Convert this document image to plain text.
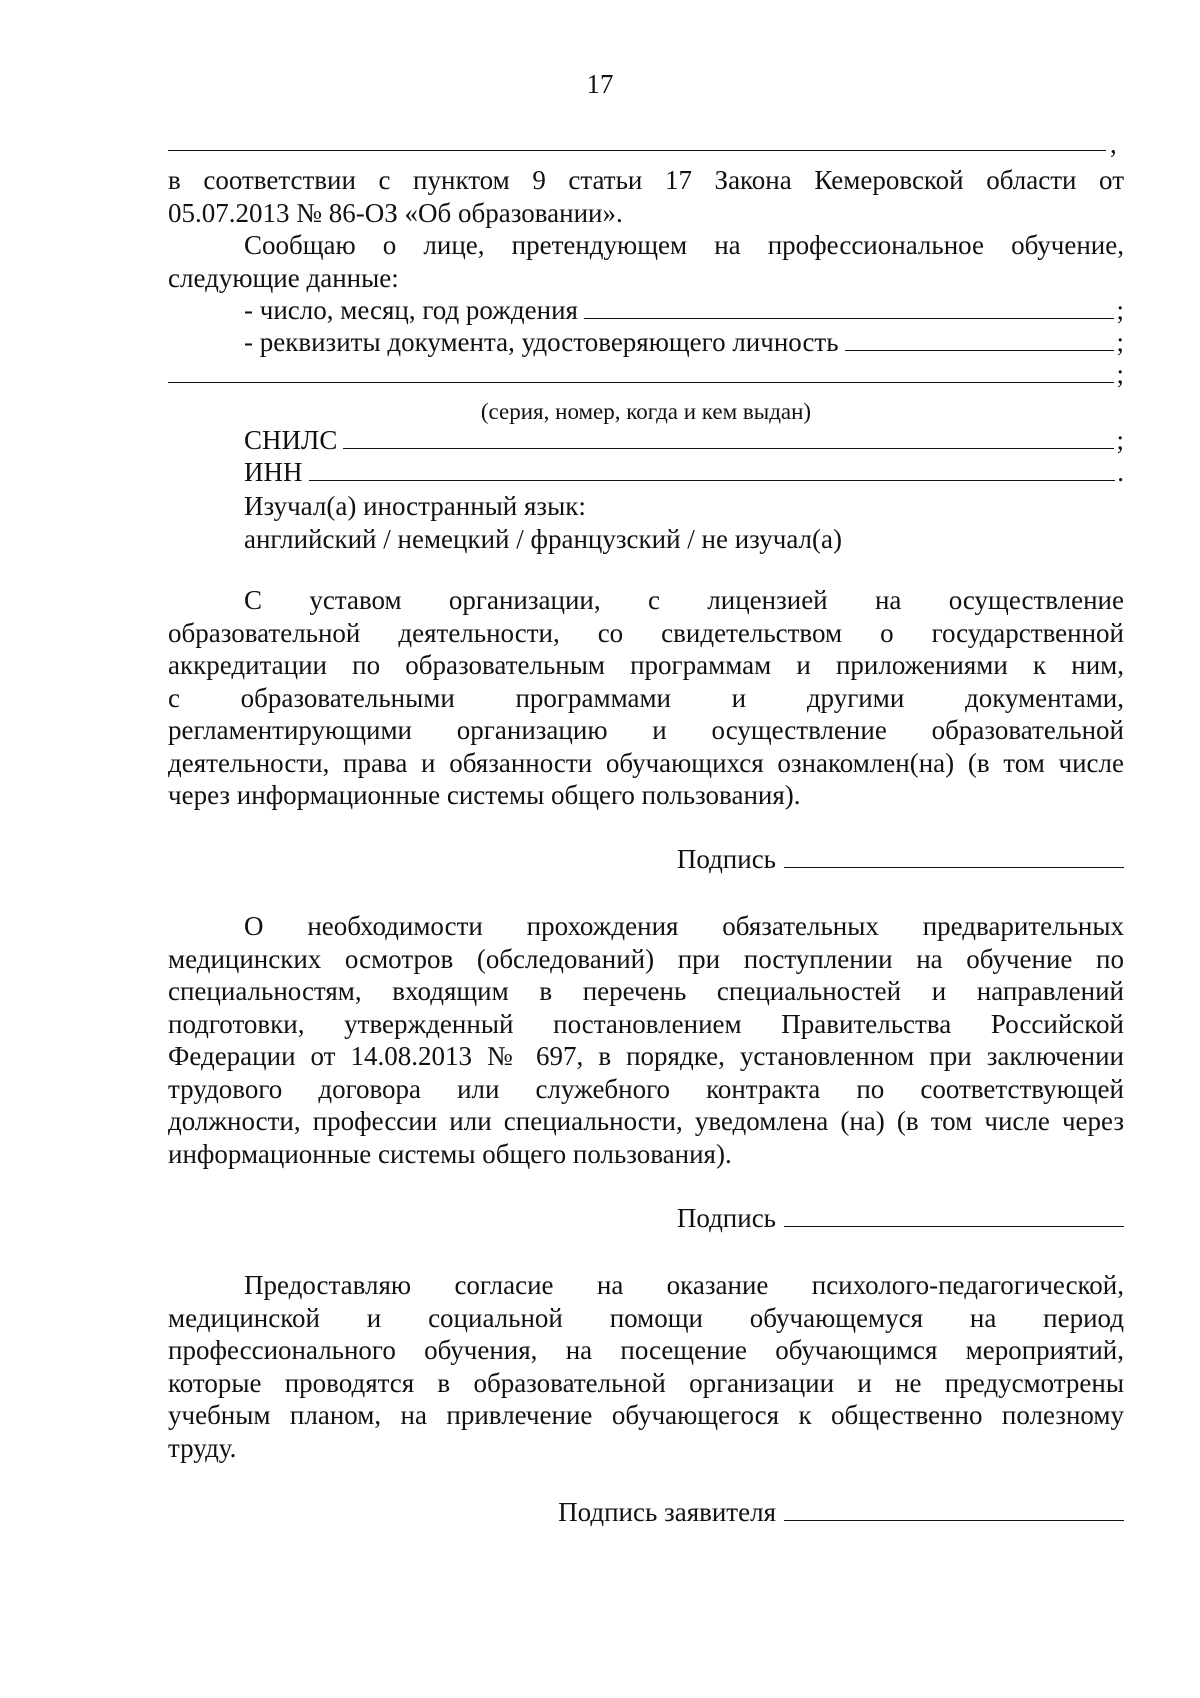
17
,
в соответствии с пунктом 9 статьи 17 Закона Кемеровской области от
05.07.2013 № 86-ОЗ «Об образовании».
Сообщаю о лице, претендующем на профессиональное обучение,
следующие данные:
- число, месяц, год рождения	;
- реквизиты документа, удостоверяющего личность	;
;
(серия, номер, когда и кем выдан)
СНИЛС	;
ИНН	.
Изучал(а) иностранный язык:
английский / немецкий / французский / не изучал(а)
С уставом организации, с лицензией на осуществление
образовательной деятельности, со свидетельством о государственной
аккредитации по образовательным программам и приложениями к ним,
с образовательными программами и другими документами,
регламентирующими организацию и осуществление образовательной
деятельности, права и обязанности обучающихся ознакомлен(на) (в том числе
через информационные системы общего пользования).
Подпись
О необходимости прохождения обязательных предварительных
медицинских осмотров (обследований) при поступлении на обучение по
специальностям, входящим в перечень специальностей и направлений
подготовки, утвержденный постановлением Правительства Российской
Федерации от 14.08.2013 № 697, в порядке, установленном при заключении
трудового договора или служебного контракта по соответствующей
должности, профессии или специальности, уведомлена (на) (в том числе через
информационные системы общего пользования).
Подпись
Предоставляю согласие на оказание психолого-педагогической,
медицинской и социальной помощи обучающемуся на период
профессионального обучения, на посещение обучающимся мероприятий,
которые проводятся в образовательной организации и не предусмотрены
учебным планом, на привлечение обучающегося к общественно полезному
труду.
Подпись заявителя
